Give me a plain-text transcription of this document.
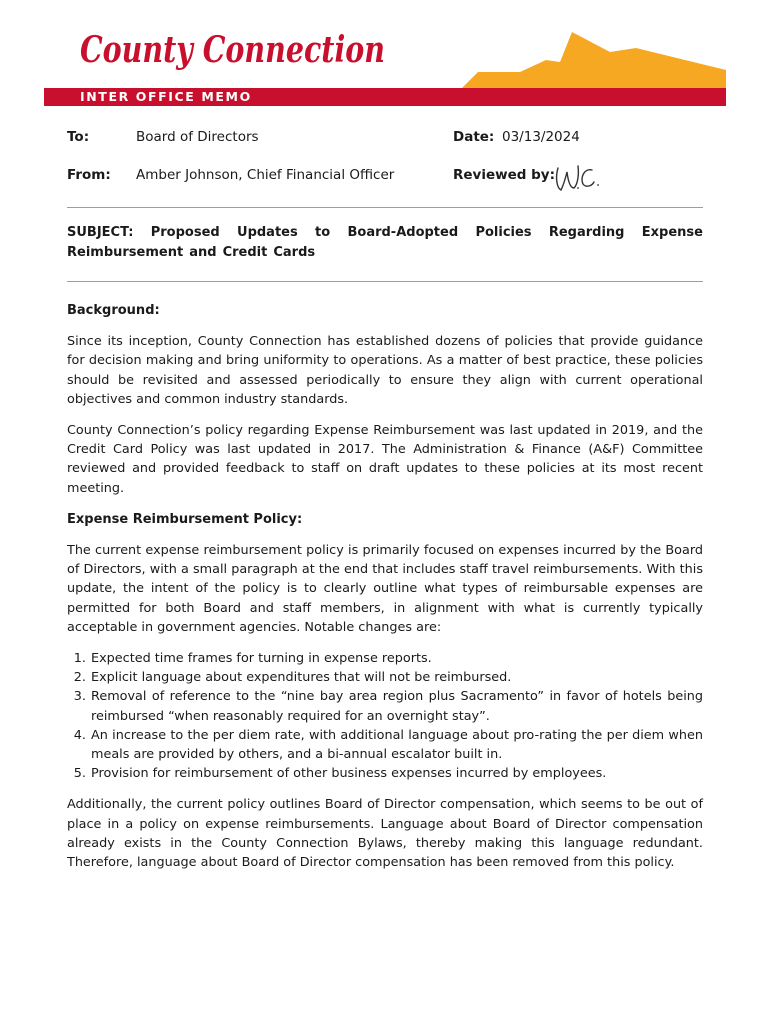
County Connection
INTER OFFICE MEMO
To:	Board of Directors	Date: 03/13/2024
From: Amber Johnson, Chief Financial Officer	Reviewed by:
SUBJECT: Proposed Updates to Board-Adopted Policies Regarding Expense Reimbursement and Credit Cards

Background:

Since its inception, County Connection has established dozens of policies that provide guidance for decision making and bring uniformity to operations. As a matter of best practice, these policies should be revisited and assessed periodically to ensure they align with current operational objectives and common industry standards.

County Connection’s policy regarding Expense Reimbursement was last updated in 2019, and the Credit Card Policy was last updated in 2017. The Administration & Finance (A&F) Committee reviewed and provided feedback to staff on draft updates to these policies at its most recent meeting.

Expense Reimbursement Policy:

The current expense reimbursement policy is primarily focused on expenses incurred by the Board of Directors, with a small paragraph at the end that includes staff travel reimbursements. With this update, the intent of the policy is to clearly outline what types of reimbursable expenses are permitted for both Board and staff members, in alignment with what is currently typically acceptable in government agencies. Notable changes are:

1. Expected time frames for turning in expense reports.
2. Explicit language about expenditures that will not be reimbursed.
3. Removal of reference to the “nine bay area region plus Sacramento” in favor of hotels being reimbursed “when reasonably required for an overnight stay”.
4. An increase to the per diem rate, with additional language about pro-rating the per diem when meals are provided by others, and a bi-annual escalator built in.
5. Provision for reimbursement of other business expenses incurred by employees.

Additionally, the current policy outlines Board of Director compensation, which seems to be out of place in a policy on expense reimbursements. Language about Board of Director compensation already exists in the County Connection Bylaws, thereby making this language redundant. Therefore, language about Board of Director compensation has been removed from this policy.
